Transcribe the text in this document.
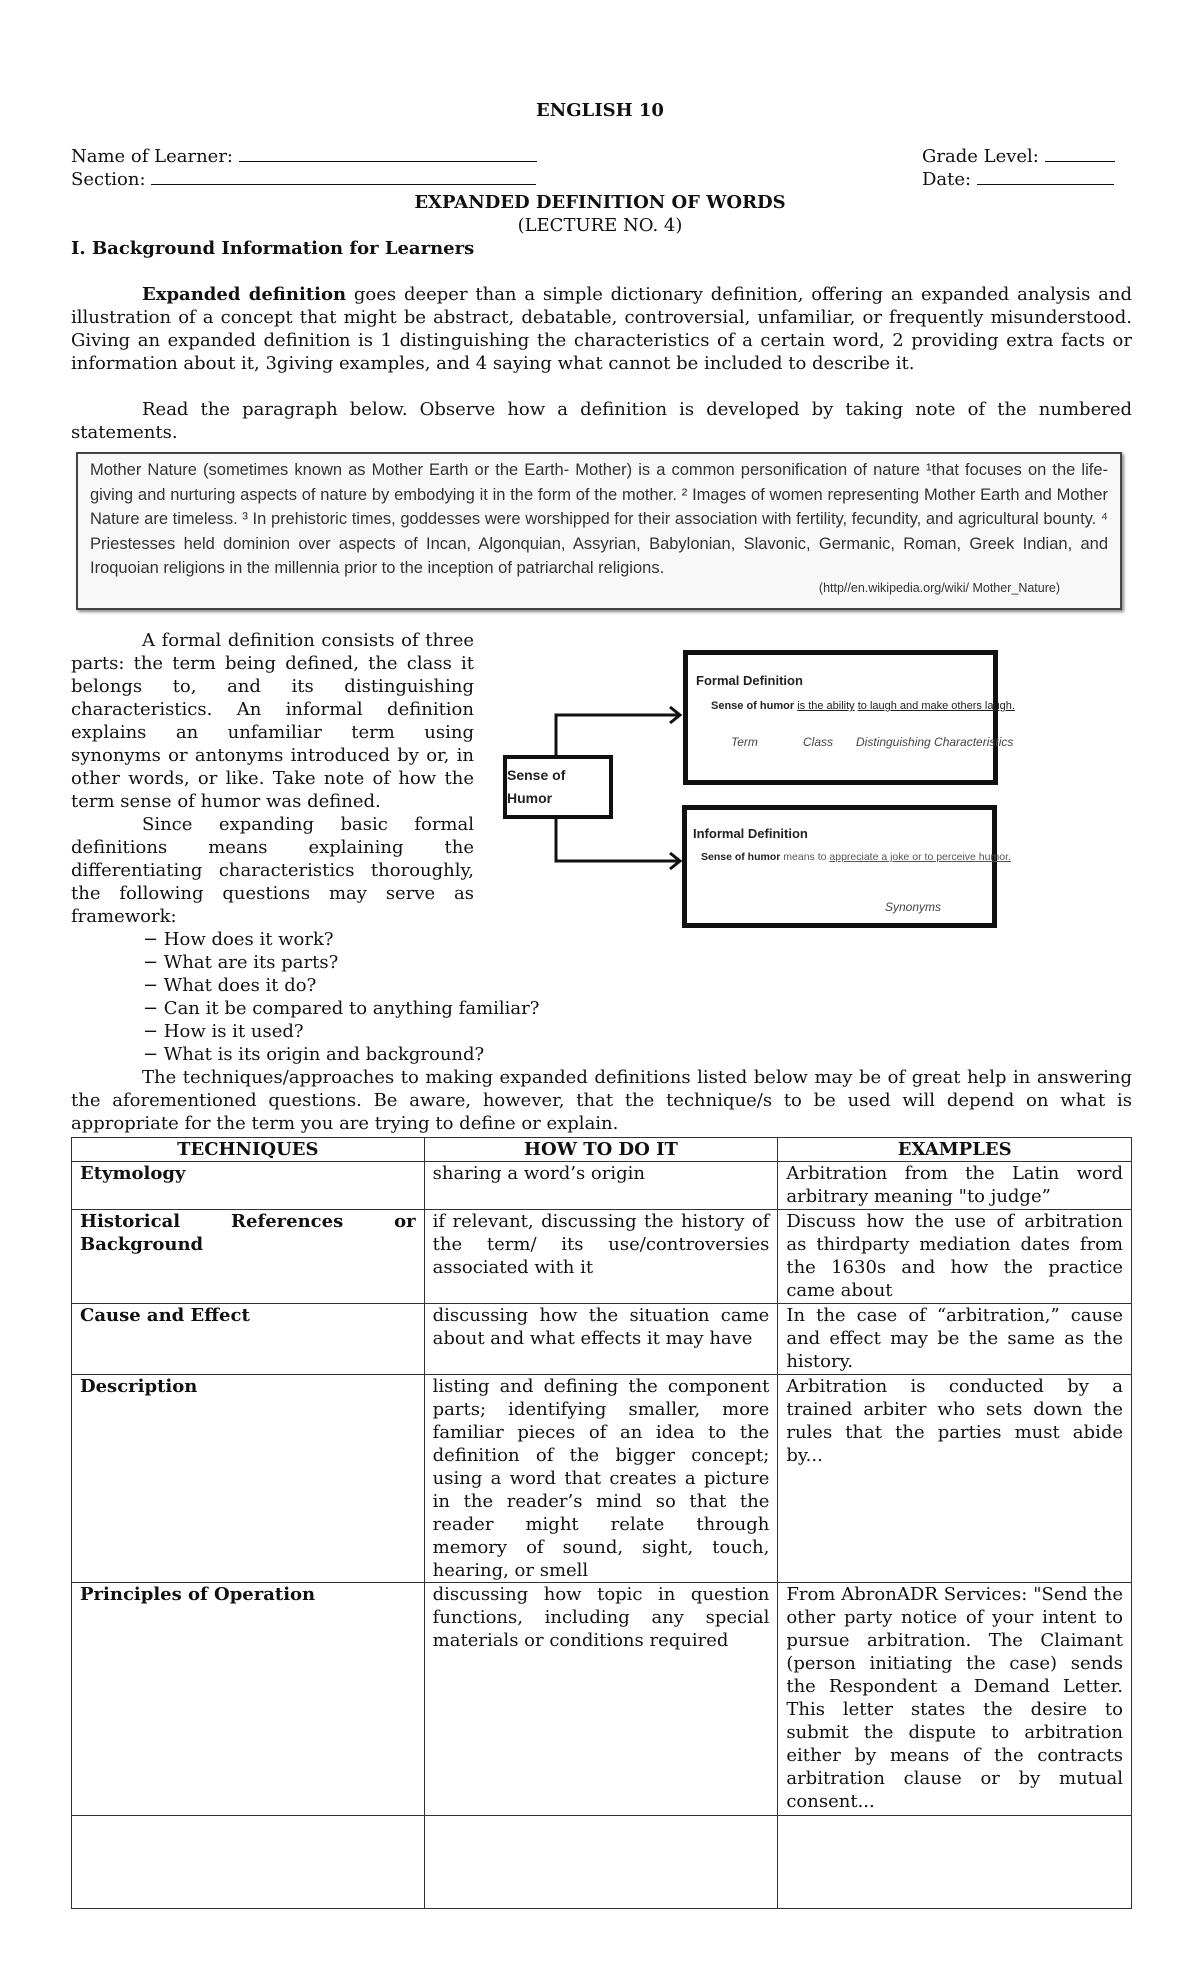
ENGLISH 10
Name of Learner:
Section:
Grade Level:
Date:
EXPANDED DEFINITION OF WORDS
(LECTURE NO. 4)
I. Background Information for Learners
Expanded definition goes deeper than a simple dictionary definition, offering an expanded analysis and illustration of a concept that might be abstract, debatable, controversial, unfamiliar, or frequently misunderstood. Giving an expanded definition is 1 distinguishing the characteristics of a certain word, 2 providing extra facts or information about it, 3giving examples, and 4 saying what cannot be included to describe it.
Read the paragraph below. Observe how a definition is developed by taking note of the numbered statements.
Mother Nature (sometimes known as Mother Earth or the Earth- Mother) is a common personification of nature ¹that focuses on the life-giving and nurturing aspects of nature by embodying it in the form of the mother. ² Images of women representing Mother Earth and Mother Nature are timeless. ³ In prehistoric times, goddesses were worshipped for their association with fertility, fecundity, and agricultural bounty. ⁴ Priestesses held dominion over aspects of Incan, Algonquian, Assyrian, Babylonian, Slavonic, Germanic, Roman, Greek Indian, and Iroquoian religions in the millennia prior to the inception of patriarchal religions.
(http//en.wikipedia.org/wiki/ Mother_Nature)
A formal definition consists of three parts: the term being defined, the class it belongs to, and its distinguishing characteristics. An informal definition explains an unfamiliar term using synonyms or antonyms introduced by or, in other words, or like. Take note of how the term sense of humor was defined.
Since expanding basic formal definitions means explaining the differentiating characteristics thoroughly, the following questions may serve as framework:
− How does it work?
− What are its parts?
− What does it do?
− Can it be compared to anything familiar?
− How is it used?
− What is its origin and background?
The techniques/approaches to making expanded definitions listed below may be of great help in answering the aforementioned questions. Be aware, however, that the technique/s to be used will depend on what is appropriate for the term you are trying to define or explain.
Sense of Humor
Formal Definition
Sense of humor is the ability to laugh and make others laugh.
Term	Class Distinguishing Characteristics
Informal Definition
Sense of humor means to appreciate a joke or to perceive humor.
Synonyms
TECHNIQUES	HOW TO DO IT	EXAMPLES
Etymology	sharing a word’s origin	Arbitration from the Latin word arbitrary meaning "to judge”
Historical References or Background	if relevant, discussing the history of the term/ its use/controversies associated with it	Discuss how the use of arbitration as thirdparty mediation dates from the 1630s and how the practice came about
Cause and Effect	discussing how the situation came about and what effects it may have	In the case of “arbitration,” cause and effect may be the same as the history.
Description	listing and defining the component parts; identifying smaller, more familiar pieces of an idea to the definition of the bigger concept; using a word that creates a picture in the reader’s mind so that the reader might relate through memory of sound, sight, touch, hearing, or smell	Arbitration is conducted by a trained arbiter who sets down the rules that the parties must abide by...
Principles of Operation	discussing how topic in question functions, including any special materials or conditions required	From AbronADR Services: "Send the other party notice of your intent to pursue arbitration. The Claimant (person initiating the case) sends the Respondent a Demand Letter. This letter states the desire to submit the dispute to arbitration either by means of the contracts arbitration clause or by mutual consent...
